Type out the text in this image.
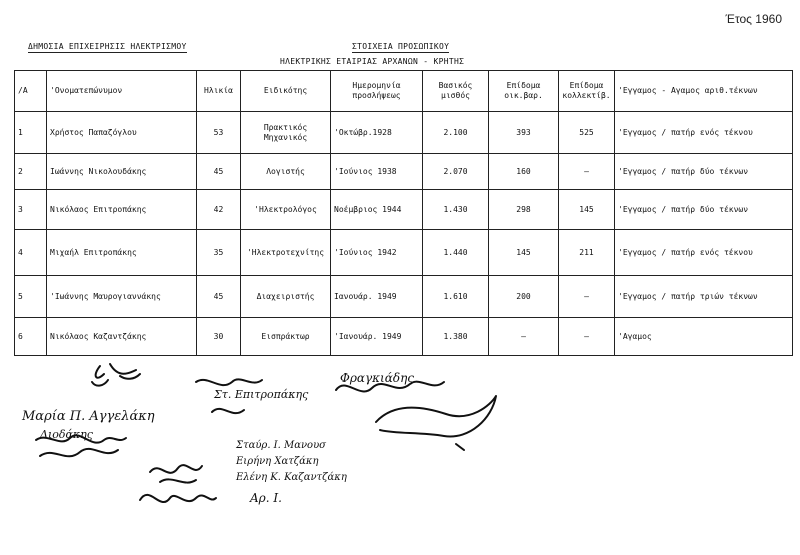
Έτος 1960
ΔΗΜΟΣΙΑ ΕΠΙΧΕΙΡΗΣΙΣ ΗΛΕΚΤΡΙΣΜΟΥ	ΣΤΟΙΧΕΙΑ ΠΡΟΣΩΠΙΚΟΥ
ΗΛΕΚΤΡΙΚΗΣ ΕΤΑΙΡΙΑΣ ΑΡΧΑΝΩΝ - ΚΡΗΤΗΣ
/Α	'Ονοματεπώνυμον	Ηλικία	Ειδικότης	Ημερομηνία πρoσλήψεως	Βασικός μισθός	Επίδομα οικ.βαρ.	Επίδομα κολλεκτίβ.	'Εγγαμος - Αγαμος αριθ.τέκνων
1	Χρήστος Παπαζόγλου	53	Πρακτικός Μηχανικός	'Οκτώβρ.1928	2.100	393	525	'Εγγαμος / πατήρ ενός τέκνου
2	Ιωάννης Νικολουδάκης	45	Λογιστής	'Ιούνιος 1938	2.070	160	–	'Εγγαμος / πατήρ δύο τέκνων
3	Νικόλαος Επιτροπάκης	42	'Ηλεκτρολόγος	Νοέμβριος 1944	1.430	298	145	'Εγγαμος / πατήρ δύο τέκνων
4	Μιχαήλ Επιτροπάκης	35	'Ηλεκτροτεχνίτης	'Ιούνιος 1942	1.440	145	211	'Εγγαμος / πατήρ ενός τέκνου
5	'Ιωάννης Μαυρογιαννάκης	45	Διαχειριστής	Ιανουάρ. 1949	1.610	200	–	'Εγγαμος / πατήρ τριών τέκνων
6	Νικόλαος Καζαντζάκης	30	Εισπράκτωρ	'Ιανουάρ. 1949	1.380	–	–	'Αγαμος
Μαρία Π. Αγγελάκη
Λιοδάκης
Στ. Επιτροπάκης
Σταύρ. Ι. Μανουσ
Ειρήνη Χατζάκη
Ελένη Κ. Καζαντζάκη
Αρ. Ι.
Φραγκιάδης
